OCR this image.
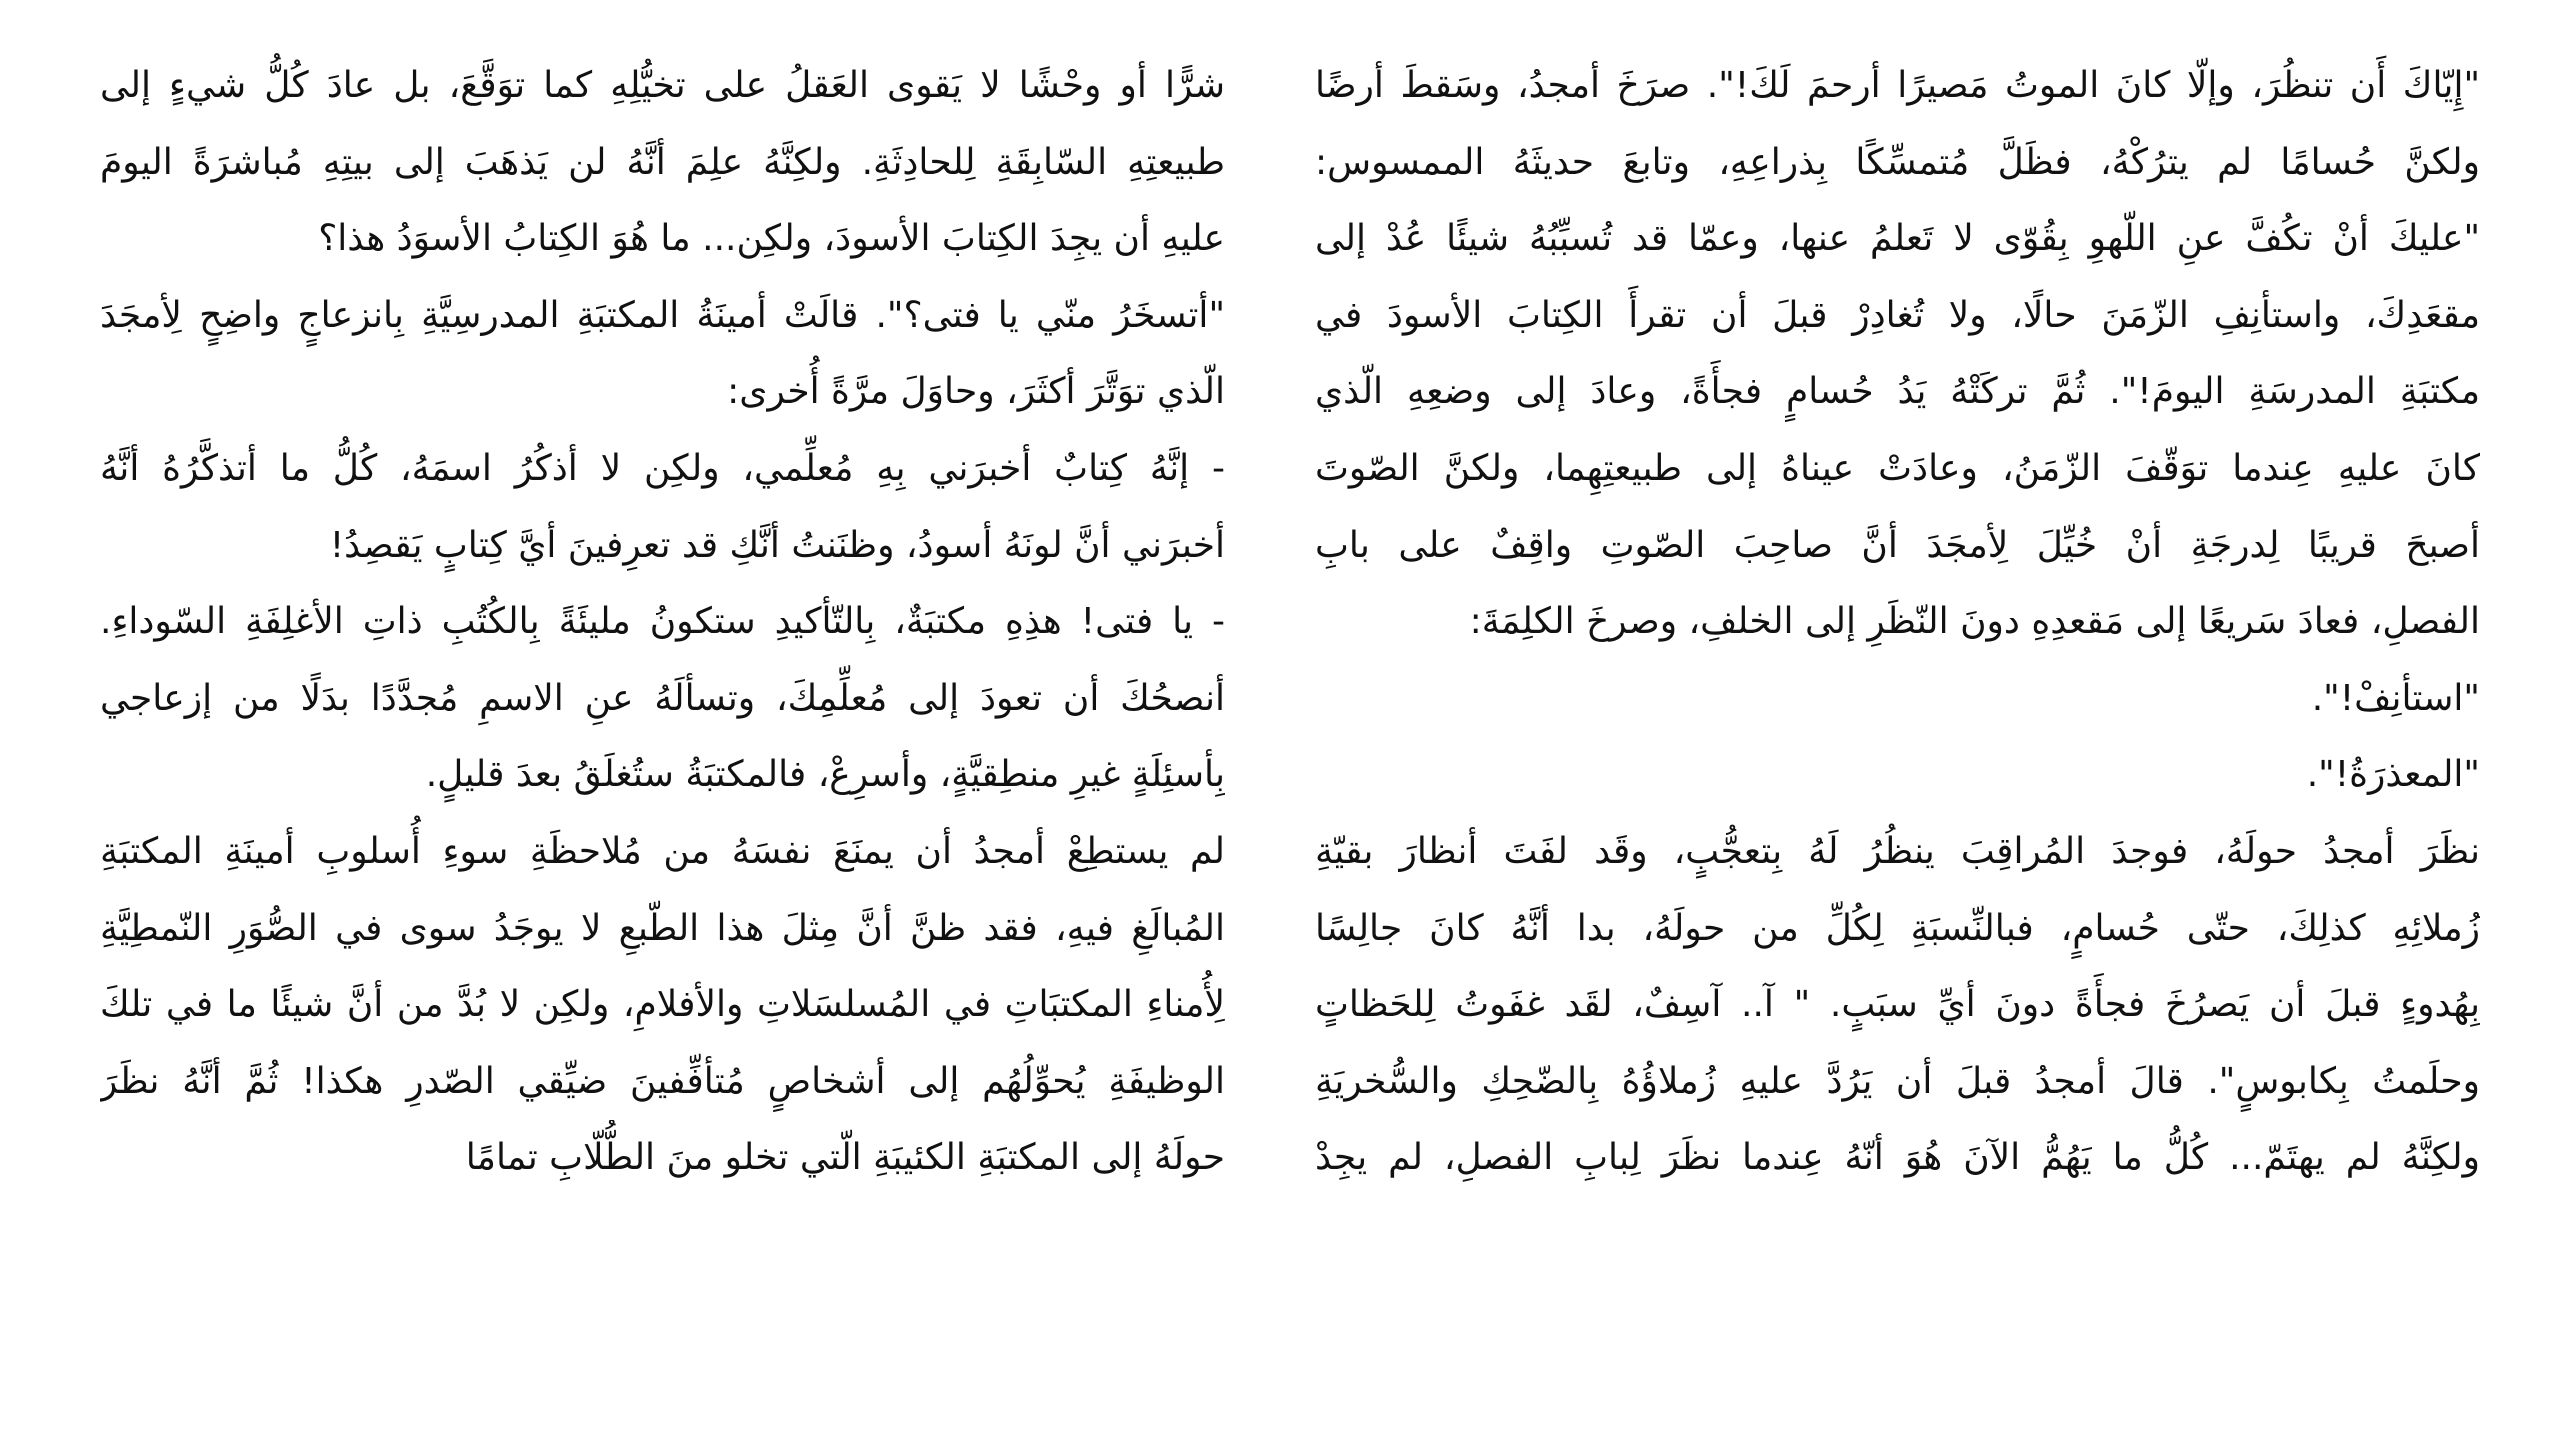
"إِيّاكَ أَن تنظُرَ، وإلّا كانَ الموتُ مَصيرًا أرحمَ لَكَ!". صرَخَ أمجدُ، وسَقطَ أرضًا
ولكنَّ حُسامًا لم يترُكْهُ، فظَلَّ مُتمسِّكًا بِذراعِهِ، وتابعَ حديثَهُ الممسوس:
"عليكَ أنْ تكُفَّ عنِ اللّهوِ بِقُوّى لا تَعلمُ عنها، وعمّا قد تُسبِّبُهُ شيئًا عُدْ إلى
مقعَدِكَ، واستأنِفِ الزّمَنَ حالًا، ولا تُغادِرْ قبلَ أن تقرأَ الكِتابَ الأسودَ في
مكتبَةِ المدرسَةِ اليومَ!". ثُمَّ تركَتْهُ يَدُ حُسامٍ فجأَةً، وعادَ إلى وضعِهِ الّذي
كانَ عليهِ عِندما توَقّفَ الزّمَنُ، وعادَتْ عيناهُ إلى طبيعتِهِما، ولكنَّ الصّوتَ
أصبحَ قريبًا لِدرجَةِ أنْ خُيِّلَ لِأمجَدَ أنَّ صاحِبَ الصّوتِ واقِفٌ على بابِ
الفصلِ، فعادَ سَريعًا إلى مَقعدِهِ دونَ النّظَرِ إلى الخلفِ، وصرخَ الكلِمَةَ:
"استأنِفْ!".
"المعذرَةُ!".
نظَرَ أمجدُ حولَهُ، فوجدَ المُراقِبَ ينظُرُ لَهُ بِتعجُّبٍ، وقَد لفَتَ أنظارَ بقيّةِ
زُملائِهِ كذلِكَ، حتّى حُسامٍ، فبالنِّسبَةِ لِكُلِّ من حولَهُ، بدا أنَّهُ كانَ جالِسًا
بِهُدوءٍ قبلَ أن يَصرُخَ فجأَةً دونَ أيِّ سبَبٍ. " آ.. آسِفٌ، لقَد غفَوتُ لِلحَظاتٍ
وحلَمتُ بِكابوسٍ". قالَ أمجدُ قبلَ أن يَرُدَّ عليهِ زُملاؤُهُ بِالضّحِكِ والسُّخريَةِ
ولكِنَّهُ لم يهتَمّ... كُلُّ ما يَهُمُّ الآنَ هُوَ أنّهُ عِندما نظَرَ لِبابِ الفصلِ، لم يجِدْ
شرًّا أو وحْشًا لا يَقوى العَقلُ على تخيُّلِهِ كما توَقَّعَ، بل عادَ كُلُّ شيءٍ إلى
طبيعتِهِ السّابِقَةِ لِلحادِثَةِ. ولكِنَّهُ علِمَ أنَّهُ لن يَذهَبَ إلى بيتِهِ مُباشرَةً اليومَ
عليهِ أن يجِدَ الكِتابَ الأسودَ، ولكِن... ما هُوَ الكِتابُ الأسوَدُ هذا؟
"أتسخَرُ منّي يا فتى؟". قالَتْ أمينَةُ المكتبَةِ المدرسِيَّةِ بِانزعاجٍ واضِحٍ لِأمجَدَ
الّذي توَتَّرَ أكثَرَ، وحاوَلَ مرَّةً أُخرى:
- إنَّهُ كِتابٌ أخبرَني بِهِ مُعلِّمي، ولكِن لا أذكُرُ اسمَهُ، كُلُّ ما أتذكَّرُهُ أنَّهُ
أخبرَني أنَّ لونَهُ أسودُ، وظنَنتُ أنَّكِ قد تعرِفينَ أيَّ كِتابٍ يَقصِدُ!
- يا فتى! هذِهِ مكتبَةٌ، بِالتّأكيدِ ستكونُ مليئَةً بِالكُتُبِ ذاتِ الأغلِفَةِ السّوداءِ.
أنصحُكَ أن تعودَ إلى مُعلِّمِكَ، وتسألَهُ عنِ الاسمِ مُجدَّدًا بدَلًا من إزعاجي
بِأسئِلَةٍ غيرِ منطِقيَّةٍ، وأسرِعْ، فالمكتبَةُ ستُغلَقُ بعدَ قليلٍ.
لم يستطِعْ أمجدُ أن يمنَعَ نفسَهُ من مُلاحظَةِ سوءِ أُسلوبِ أمينَةِ المكتبَةِ
المُبالَغِ فيهِ، فقد ظنَّ أنَّ مِثلَ هذا الطّبعِ لا يوجَدُ سوى في الصُّوَرِ النّمطِيَّةِ
لِأُمناءِ المكتبَاتِ في المُسلسَلاتِ والأفلامِ، ولكِن لا بُدَّ من أنَّ شيئًا ما في تلكَ
الوظيفَةِ يُحوِّلُهُم إلى أشخاصٍ مُتأفِّفينَ ضيِّقي الصّدرِ هكذا! ثُمَّ أنَّهُ نظَرَ
حولَهُ إلى المكتبَةِ الكئيبَةِ الّتي تخلو منَ الطُّلّابِ تمامًا
